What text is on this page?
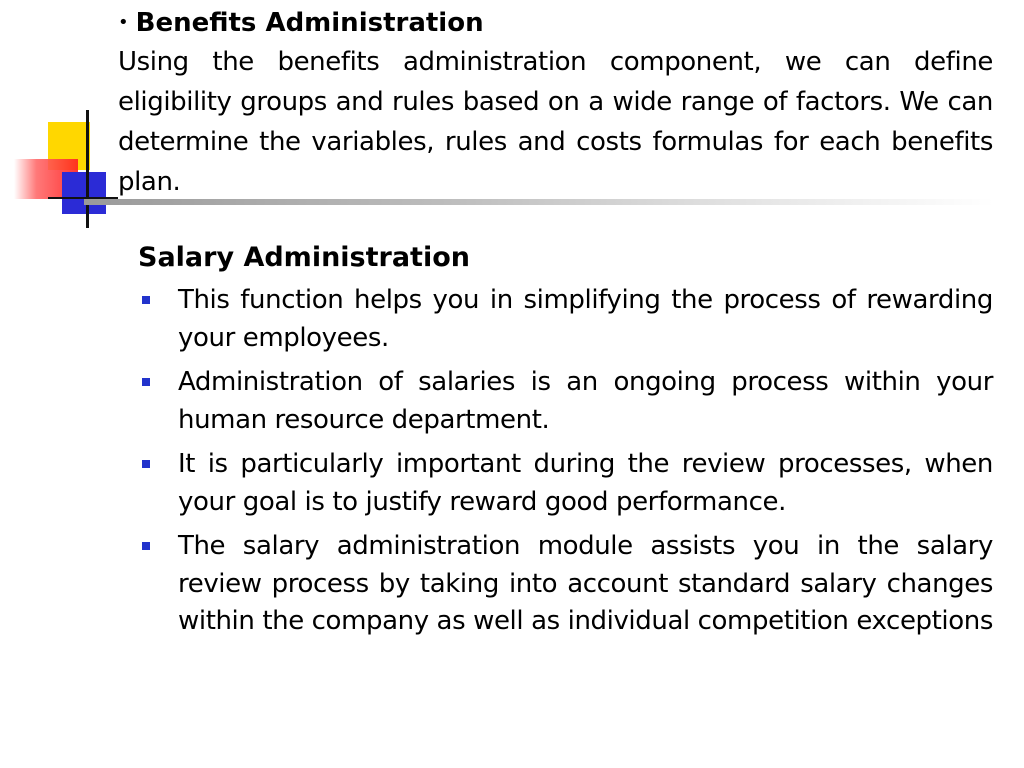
• Benefits Administration

Using the benefits administration component, we can define eligibility groups and rules based on a wide range of factors. We can determine the variables, rules and costs formulas for each benefits plan.

Salary Administration

This function helps you in simplifying the process of rewarding your employees.
Administration of salaries is an ongoing process within your human resource department.
It is particularly important during the review processes, when your goal is to justify reward good performance.
The salary administration module assists you in the salary review process by taking into account standard salary changes within the company as well as individual competition exceptions
